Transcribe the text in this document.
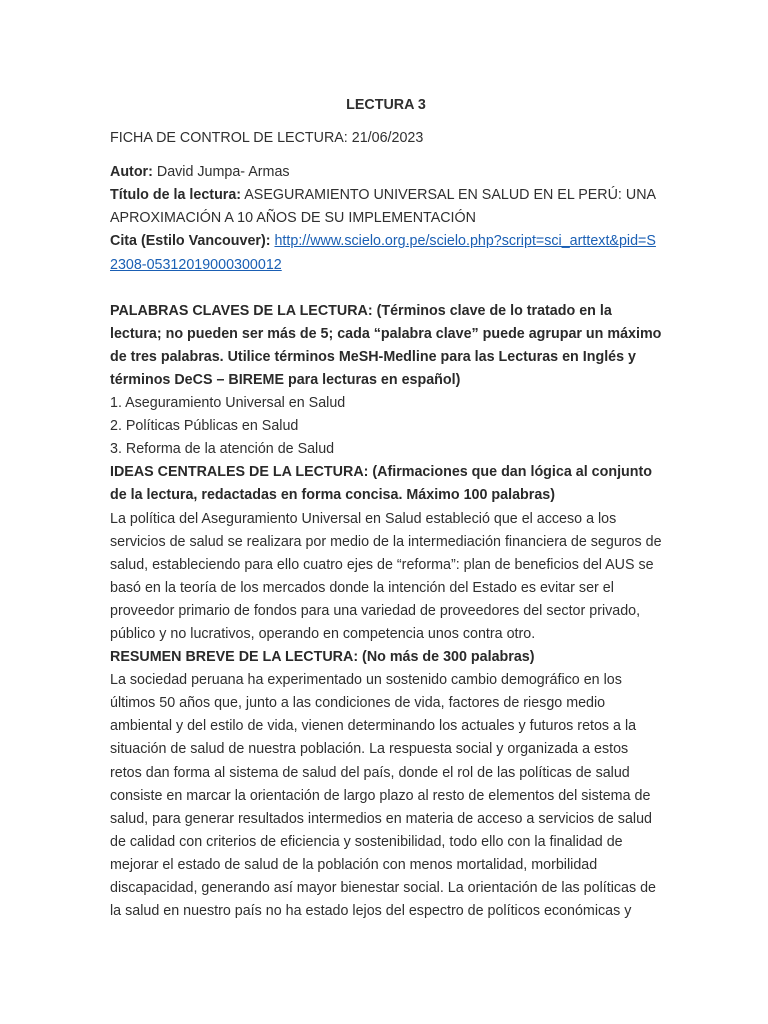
LECTURA 3

FICHA DE CONTROL DE LECTURA: 21/06/2023

Autor: David Jumpa- Armas

Título de la lectura: ASEGURAMIENTO UNIVERSAL EN SALUD EN EL PERÚ: UNA APROXIMACIÓN A 10 AÑOS DE SU IMPLEMENTACIÓN

Cita (Estilo Vancouver): http://www.scielo.org.pe/scielo.php?script=sci_arttext&pid=S2308-05312019000300012

PALABRAS CLAVES DE LA LECTURA: (Términos clave de lo tratado en la lectura; no pueden ser más de 5; cada “palabra clave” puede agrupar un máximo de tres palabras. Utilice términos MeSH-Medline para las Lecturas en Inglés y términos DeCS – BIREME para lecturas en español)

1. Aseguramiento Universal en Salud
2. Políticas Públicas en Salud
3. Reforma de la atención de Salud

IDEAS CENTRALES DE LA LECTURA: (Afirmaciones que dan lógica al conjunto de la lectura, redactadas en forma concisa. Máximo 100 palabras)

La política del Aseguramiento Universal en Salud estableció que el acceso a los servicios de salud se realizara por medio de la intermediación financiera de seguros de salud, estableciendo para ello cuatro ejes de “reforma”: plan de beneficios del AUS se basó en la teoría de los mercados donde la intención del Estado es evitar ser el proveedor primario de fondos para una variedad de proveedores del sector privado, público y no lucrativos, operando en competencia unos contra otro.

RESUMEN BREVE DE LA LECTURA: (No más de 300 palabras)

La sociedad peruana ha experimentado un sostenido cambio demográfico en los últimos 50 años que, junto a las condiciones de vida, factores de riesgo medio ambiental y del estilo de vida, vienen determinando los actuales y futuros retos a la situación de salud de nuestra población. La respuesta social y organizada a estos retos dan forma al sistema de salud del país, donde el rol de las políticas de salud consiste en marcar la orientación de largo plazo al resto de elementos del sistema de salud, para generar resultados intermedios en materia de acceso a servicios de salud de calidad con criterios de eficiencia y sostenibilidad, todo ello con la finalidad de mejorar el estado de salud de la población con menos mortalidad, morbilidad discapacidad, generando así mayor bienestar social. La orientación de las políticas de la salud en nuestro país no ha estado lejos del espectro de políticos económicas y
